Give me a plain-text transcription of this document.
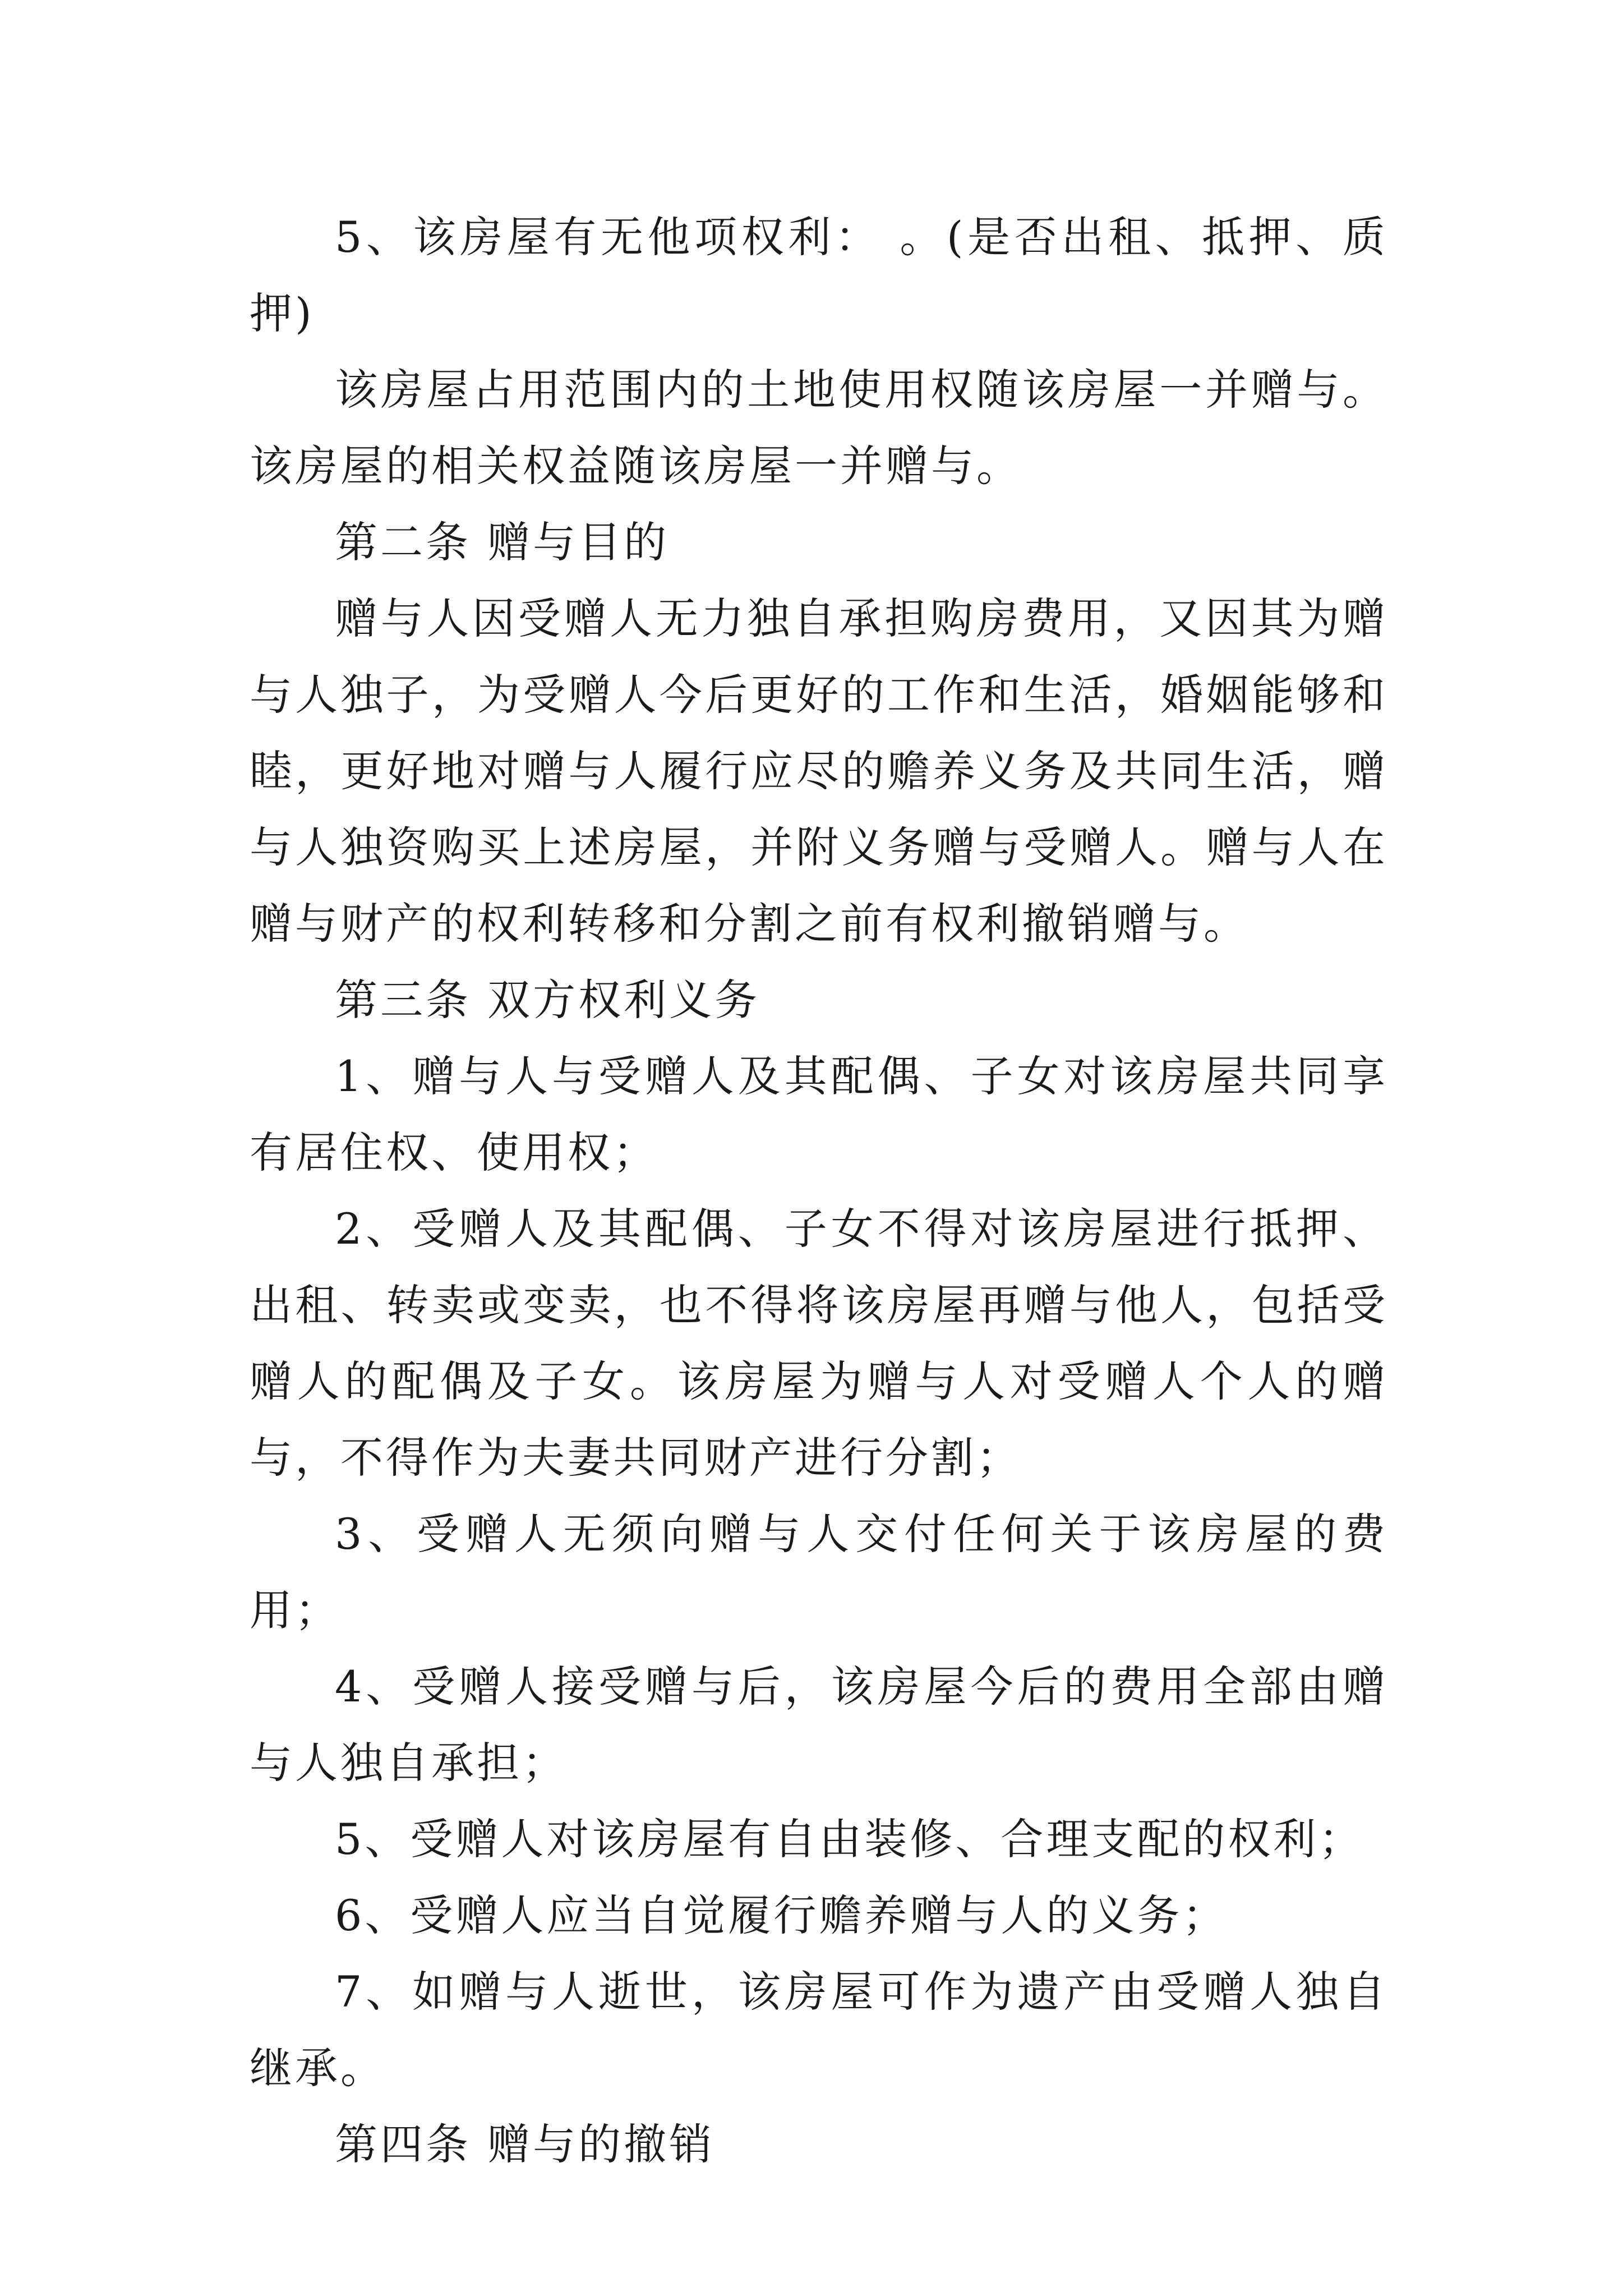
5、该房屋有无他项权利： 。(是否出租、抵押、质押)

该房屋占用范围内的土地使用权随该房屋一并赠与。该房屋的相关权益随该房屋一并赠与。

第二条 赠与目的

赠与人因受赠人无力独自承担购房费用，又因其为赠与人独子，为受赠人今后更好的工作和生活，婚姻能够和睦，更好地对赠与人履行应尽的赡养义务及共同生活，赠与人独资购买上述房屋，并附义务赠与受赠人。赠与人在赠与财产的权利转移和分割之前有权利撤销赠与。

第三条 双方权利义务

1、赠与人与受赠人及其配偶、子女对该房屋共同享有居住权、使用权；

2、受赠人及其配偶、子女不得对该房屋进行抵押、出租、转卖或变卖，也不得将该房屋再赠与他人，包括受赠人的配偶及子女。该房屋为赠与人对受赠人个人的赠与，不得作为夫妻共同财产进行分割；

3、受赠人无须向赠与人交付任何关于该房屋的费用；

4、受赠人接受赠与后，该房屋今后的费用全部由赠与人独自承担；

5、受赠人对该房屋有自由装修、合理支配的权利；

6、受赠人应当自觉履行赡养赠与人的义务；

7、如赠与人逝世，该房屋可作为遗产由受赠人独自继承。

第四条 赠与的撤销
